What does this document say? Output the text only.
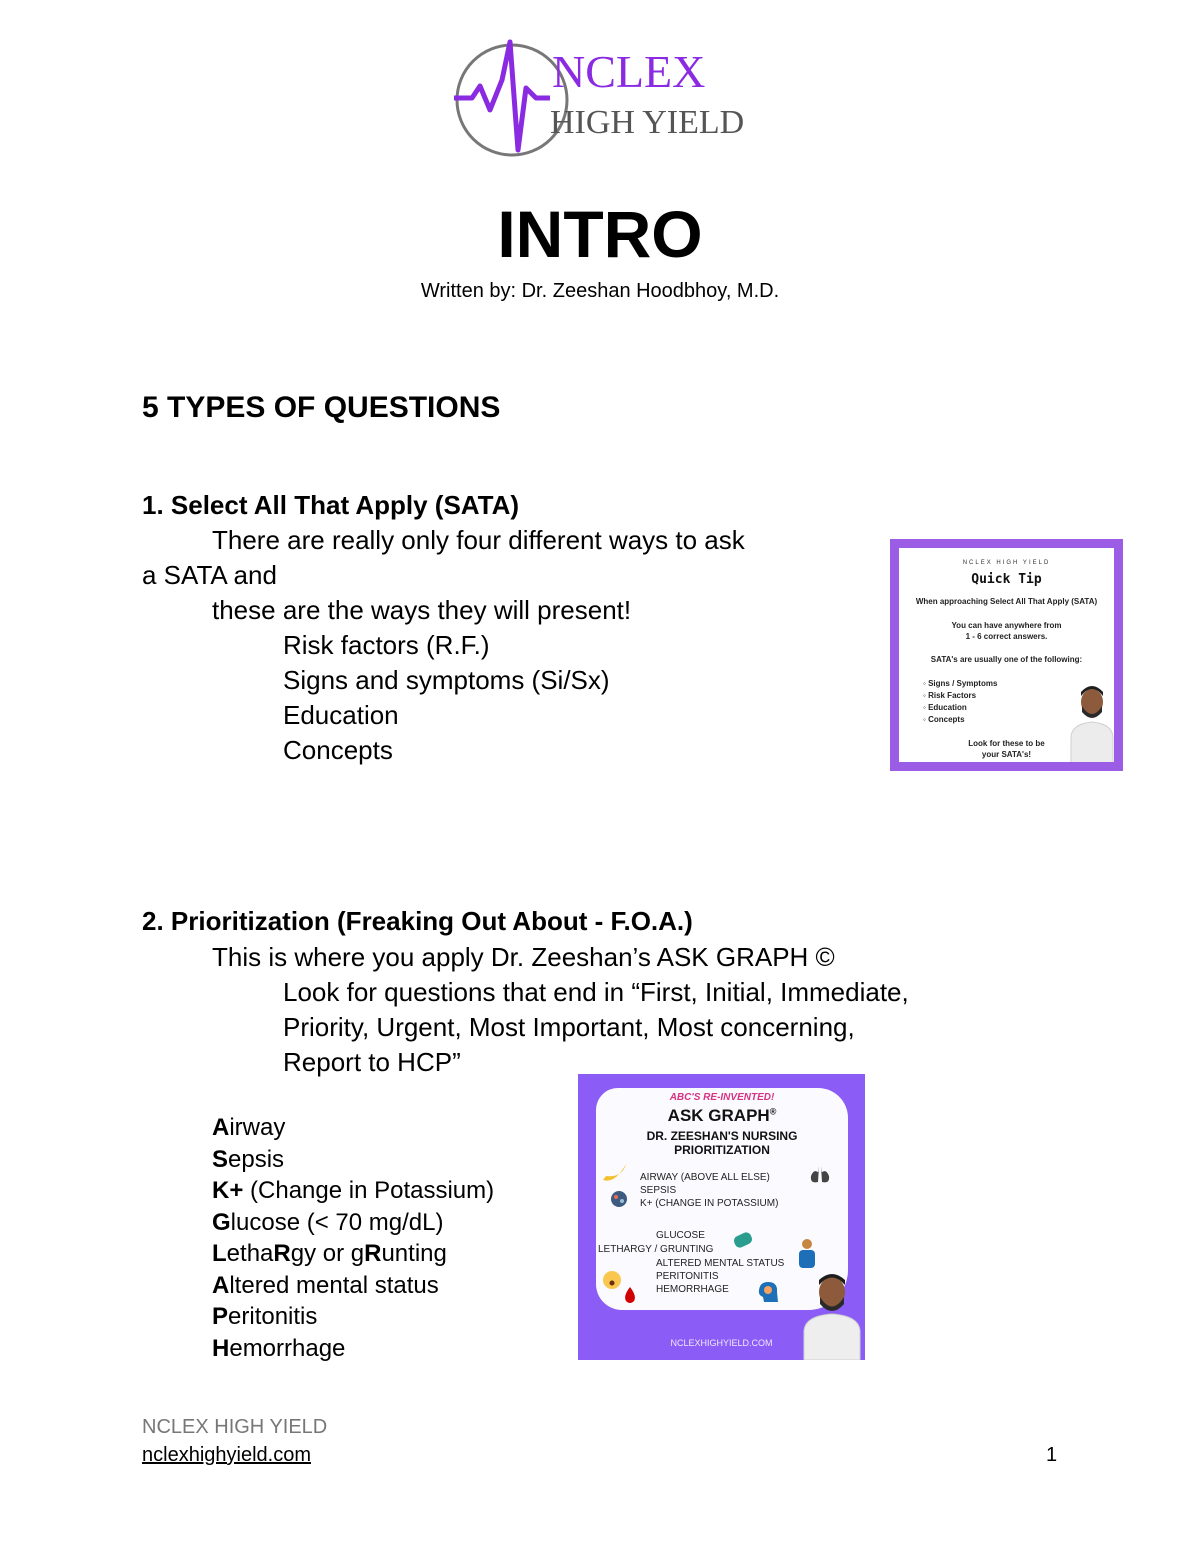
NCLEX
HIGH YIELD
INTRO
Written by: Dr. Zeeshan Hoodbhoy, M.D.
5 TYPES OF QUESTIONS
1. Select All That Apply (SATA)
There are really only four different ways to ask
a SATA and
these are the ways they will present!
Risk factors (R.F.)
Signs and symptoms (Si/Sx)
Education
Concepts
NCLEX HIGH YIELD
Quick Tip
When approaching Select All That Apply (SATA)
You can have anywhere from
1 - 6 correct answers.
SATA's are usually one of the following:
◦ Signs / Symptoms
◦ Risk Factors
◦ Education
◦ Concepts
Look for these to be
your SATA's!
2. Prioritization (Freaking Out About - F.O.A.)
This is where you apply Dr. Zeeshan’s ASK GRAPH ©
Look for questions that end in “First, Initial, Immediate,
Priority, Urgent, Most Important, Most concerning,
Report to HCP”
Airway
Sepsis
K+ (Change in Potassium)
Glucose (< 70 mg/dL)
LethaRgy or gRunting
Altered mental status
Peritonitis
Hemorrhage
ABC'S RE-INVENTED!
ASK GRAPH®
DR. ZEESHAN'S NURSING
PRIORITIZATION
AIRWAY (ABOVE ALL ELSE)
SEPSIS
K+ (CHANGE IN POTASSIUM)
GLUCOSE
LETHARGY / GRUNTING
ALTERED MENTAL STATUS
PERITONITIS
HEMORRHAGE
NCLEXHIGHYIELD.COM
NCLEX HIGH YIELD
nclexhighyield.com	1
